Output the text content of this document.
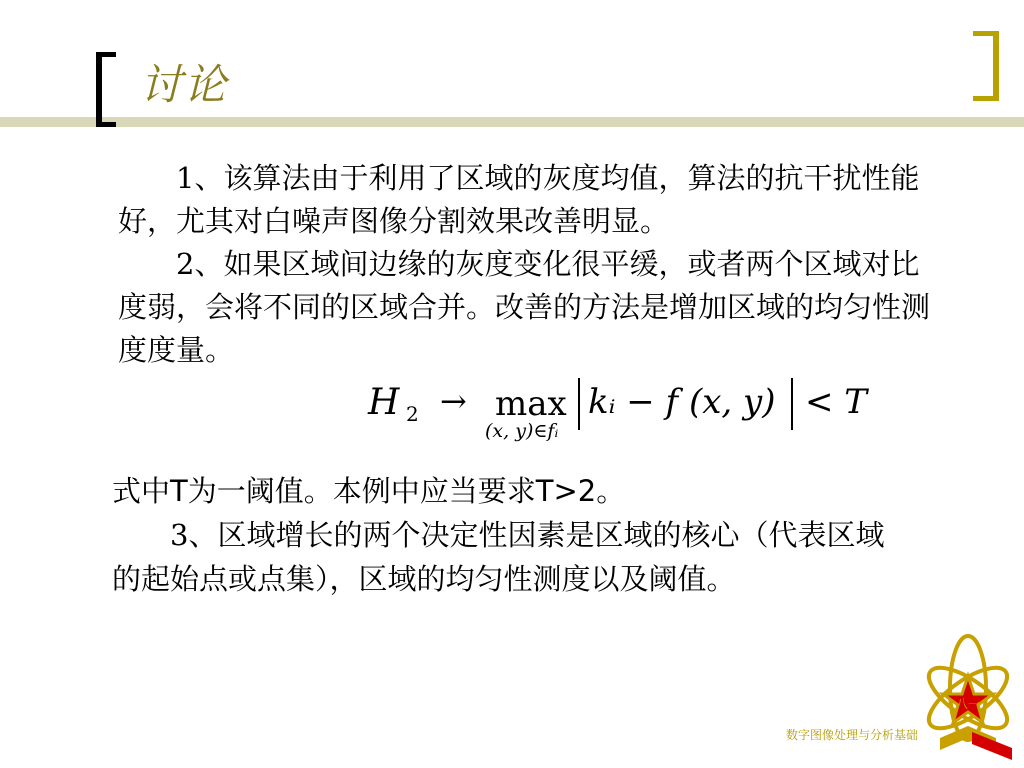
讨论

1、该算法由于利用了区域的灰度均值，算法的抗干扰性能好，尤其对白噪声图像分割效果改善明显。

2、如果区域间边缘的灰度变化很平缓，或者两个区域对比度弱，会将不同的区域合并。改善的方法是增加区域的均匀性测度度量。

H 2 → max
(x, y)∈fᵢ
kᵢ − f (x, y) < T

式中T为一阈值。本例中应当要求T>2。

3、区域增长的两个决定性因素是区域的核心（代表区域的起始点或点集），区域的均匀性测度以及阈值。

数字图像处理与分析基础
八一
